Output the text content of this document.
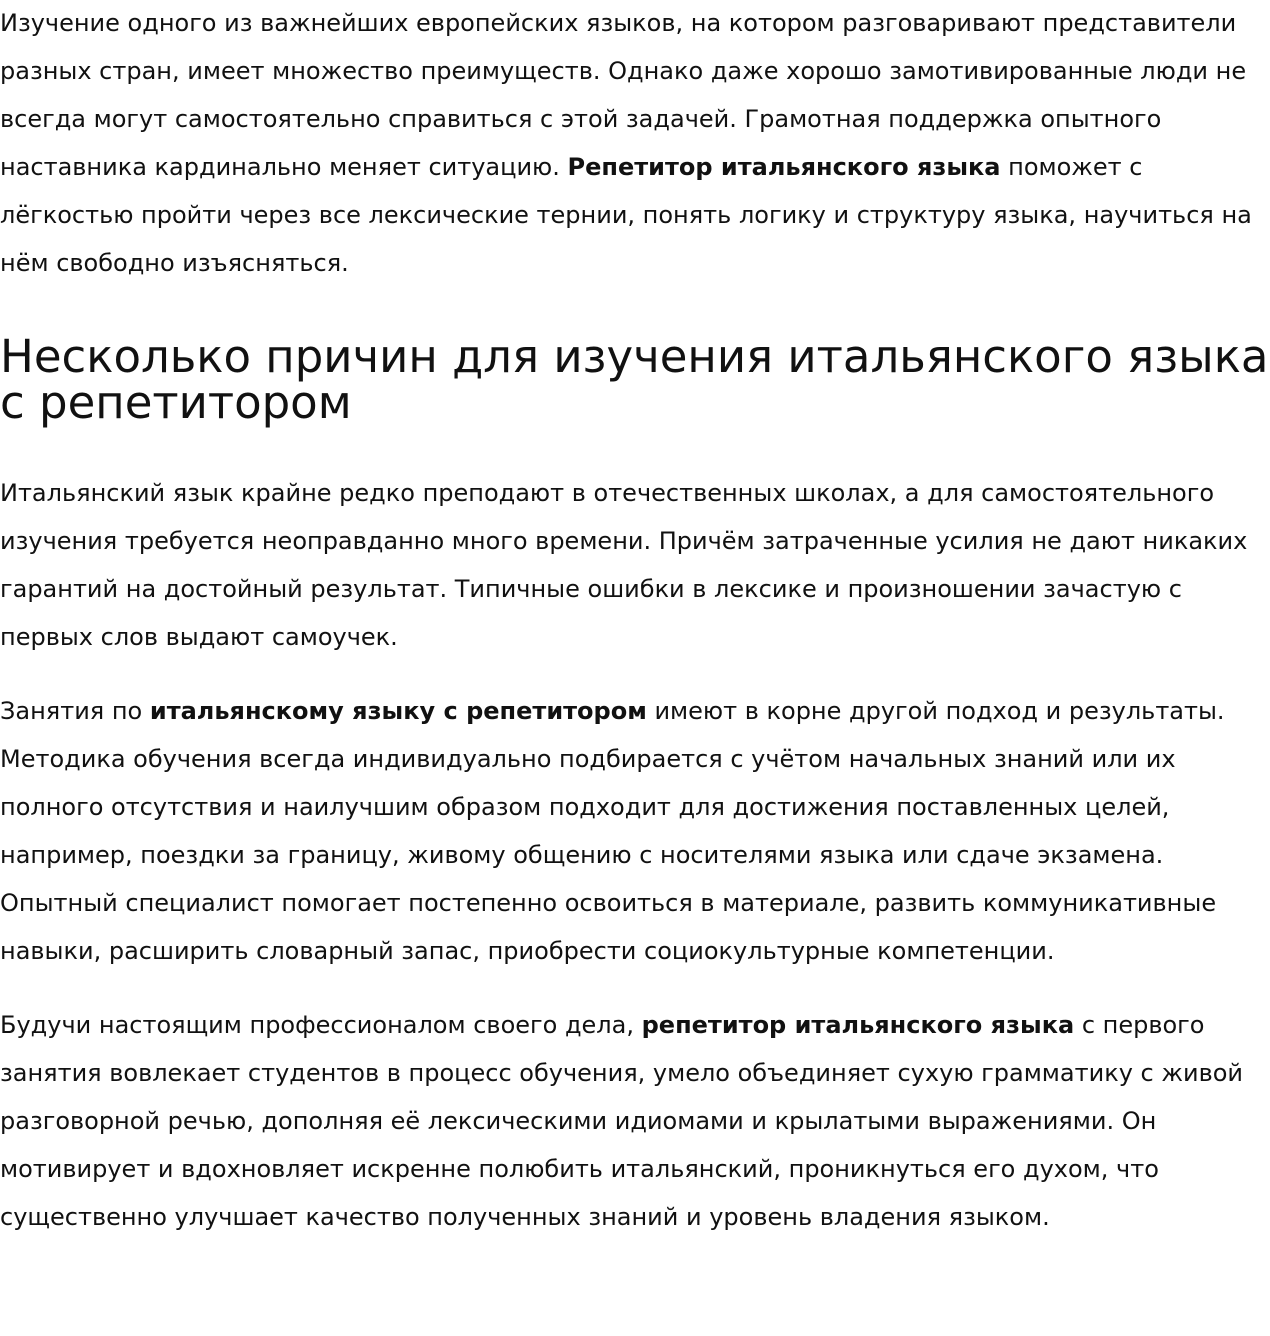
Изучение одного из важнейших европейских языков, на котором разговаривают представители разных стран, имеет множество преимуществ. Однако даже хорошо замотивированные люди не всегда могут самостоятельно справиться с этой задачей. Грамотная поддержка опытного наставника кардинально меняет ситуацию. Репетитор итальянского языка поможет с лёгкостью пройти через все лексические тернии, понять логику и структуру языка, научиться на нём свободно изъясняться.

Несколько причин для изучения итальянского языка с репетитором

Итальянский язык крайне редко преподают в отечественных школах, а для самостоятельного изучения требуется неоправданно много времени. Причём затраченные усилия не дают никаких гарантий на достойный результат. Типичные ошибки в лексике и произношении зачастую с первых слов выдают самоучек.

Занятия по итальянскому языку с репетитором имеют в корне другой подход и результаты. Методика обучения всегда индивидуально подбирается с учётом начальных знаний или их полного отсутствия и наилучшим образом подходит для достижения поставленных целей, например, поездки за границу, живому общению с носителями языка или сдаче экзамена. Опытный специалист помогает постепенно освоиться в материале, развить коммуникативные навыки, расширить словарный запас, приобрести социокультурные компетенции.

Будучи настоящим профессионалом своего дела, репетитор итальянского языка с первого занятия вовлекает студентов в процесс обучения, умело объединяет сухую грамматику с живой разговорной речью, дополняя её лексическими идиомами и крылатыми выражениями. Он мотивирует и вдохновляет искренне полюбить итальянский, проникнуться его духом, что существенно улучшает качество полученных знаний и уровень владения языком.
